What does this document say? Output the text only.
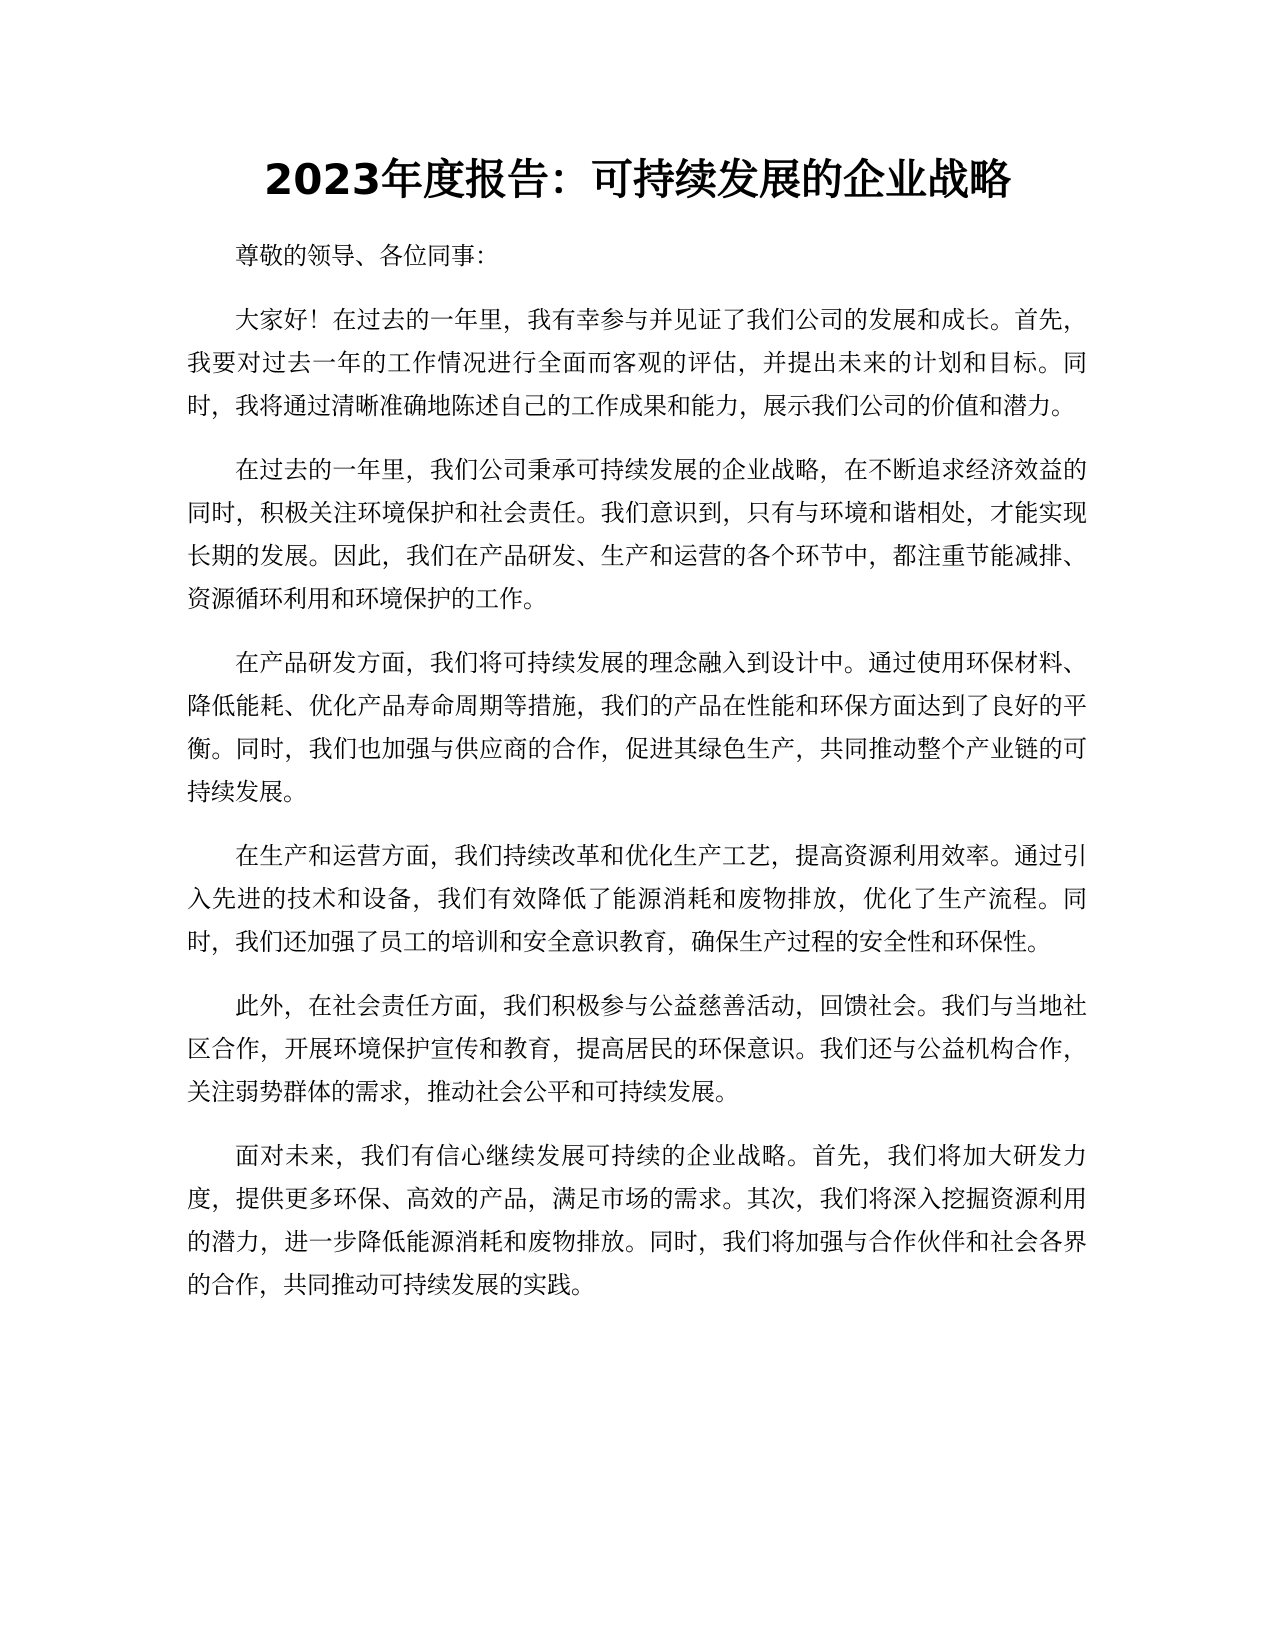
2023年度报告：可持续发展的企业战略

尊敬的领导、各位同事：

大家好！在过去的一年里，我有幸参与并见证了我们公司的发展和成长。首先，我要对过去一年的工作情况进行全面而客观的评估，并提出未来的计划和目标。同时，我将通过清晰准确地陈述自己的工作成果和能力，展示我们公司的价值和潜力。

在过去的一年里，我们公司秉承可持续发展的企业战略，在不断追求经济效益的同时，积极关注环境保护和社会责任。我们意识到，只有与环境和谐相处，才能实现长期的发展。因此，我们在产品研发、生产和运营的各个环节中，都注重节能减排、资源循环利用和环境保护的工作。

在产品研发方面，我们将可持续发展的理念融入到设计中。通过使用环保材料、降低能耗、优化产品寿命周期等措施，我们的产品在性能和环保方面达到了良好的平衡。同时，我们也加强与供应商的合作，促进其绿色生产，共同推动整个产业链的可持续发展。

在生产和运营方面，我们持续改革和优化生产工艺，提高资源利用效率。通过引入先进的技术和设备，我们有效降低了能源消耗和废物排放，优化了生产流程。同时，我们还加强了员工的培训和安全意识教育，确保生产过程的安全性和环保性。

此外，在社会责任方面，我们积极参与公益慈善活动，回馈社会。我们与当地社区合作，开展环境保护宣传和教育，提高居民的环保意识。我们还与公益机构合作，关注弱势群体的需求，推动社会公平和可持续发展。

面对未来，我们有信心继续发展可持续的企业战略。首先，我们将加大研发力度，提供更多环保、高效的产品，满足市场的需求。其次，我们将深入挖掘资源利用的潜力，进一步降低能源消耗和废物排放。同时，我们将加强与合作伙伴和社会各界的合作，共同推动可持续发展的实践。
